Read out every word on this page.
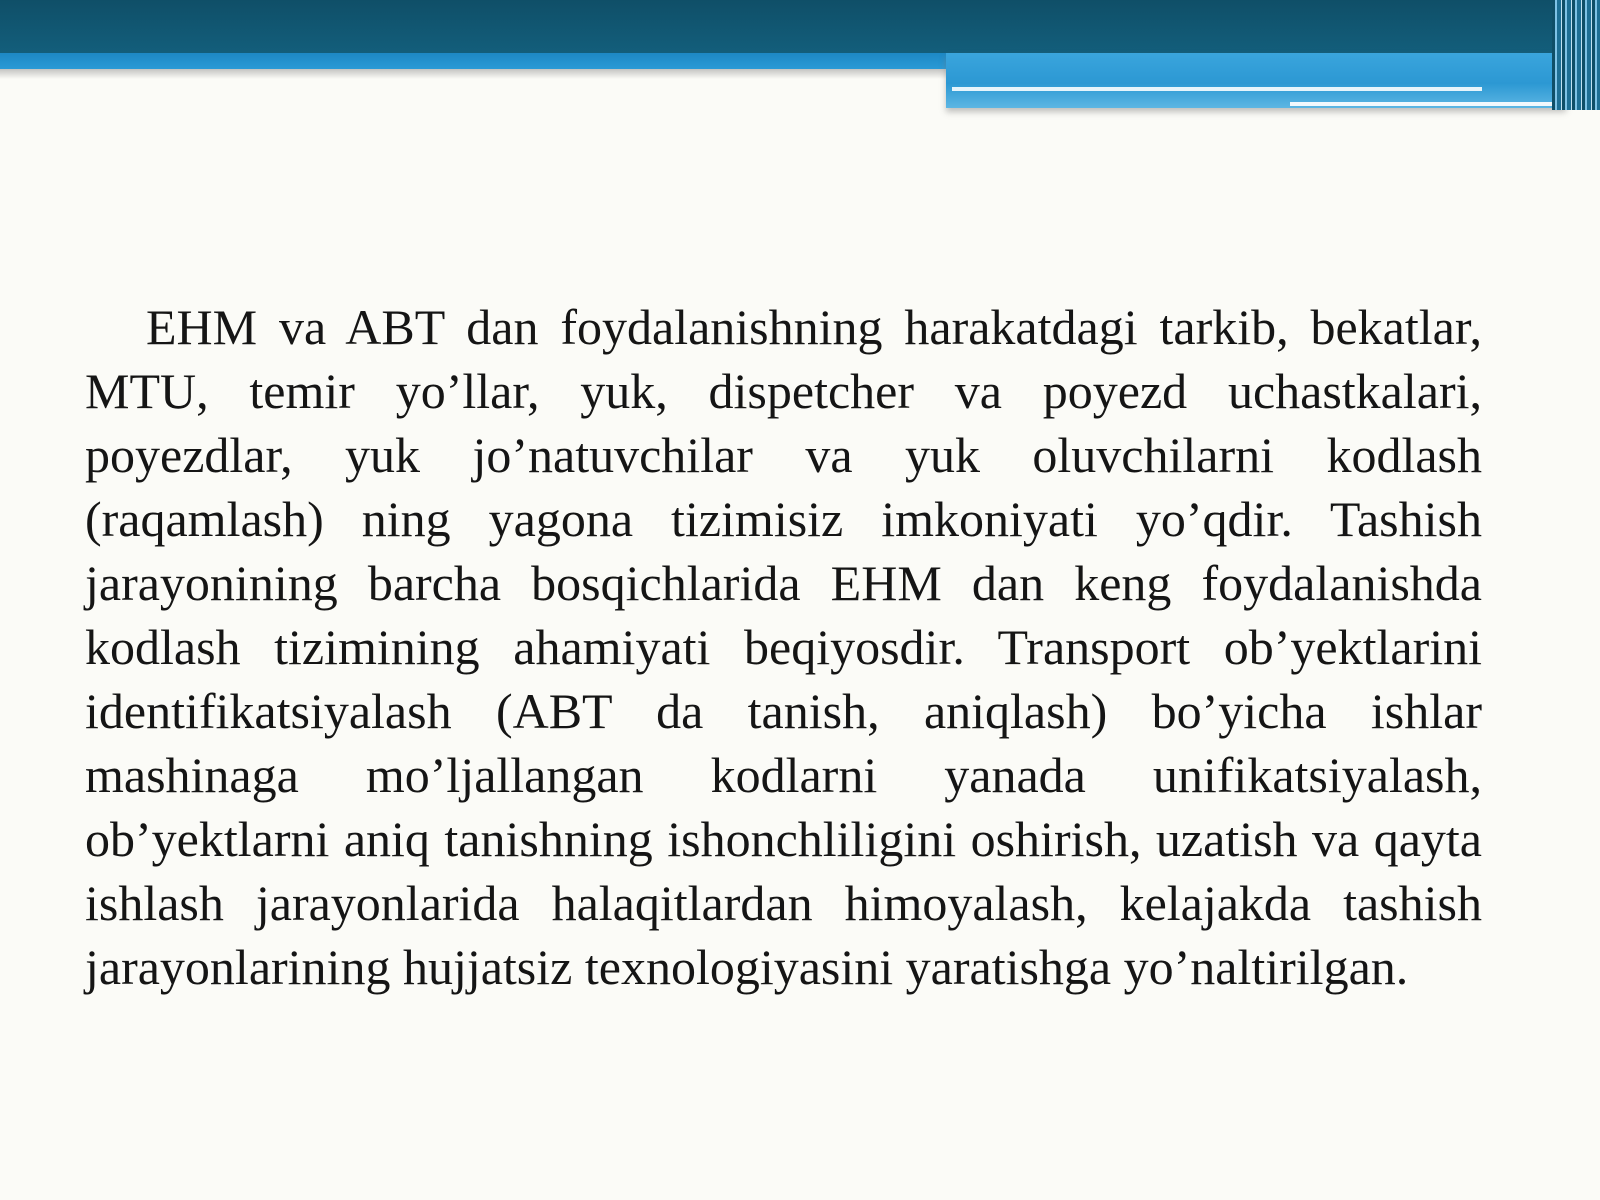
EHM va ABT dan foydalanishning harakatdagi tarkib, bekatlar, MTU, temir yo’llar, yuk, dispetcher va poyezd uchastkalari, poyezdlar, yuk jo’natuvchilar va yuk oluvchilarni kodlash (raqamlash) ning yagona tizimisiz imkoniyati yo’qdir. Tashish jarayonining barcha bosqichlarida EHM dan keng foydalanishda kodlash tizimining ahamiyati beqiyosdir. Transport ob’yektlarini identifikatsiyalash (ABT da tanish, aniqlash) bo’yicha ishlar mashinaga mo’ljallangan kodlarni yanada unifikatsiyalash, ob’yektlarni aniq tanishning ishonchliligini oshirish, uzatish va qayta ishlash jarayonlarida halaqitlardan himoyalash, kelajakda tashish jarayonlarining hujjatsiz texnologiyasini yaratishga yo’naltirilgan.
